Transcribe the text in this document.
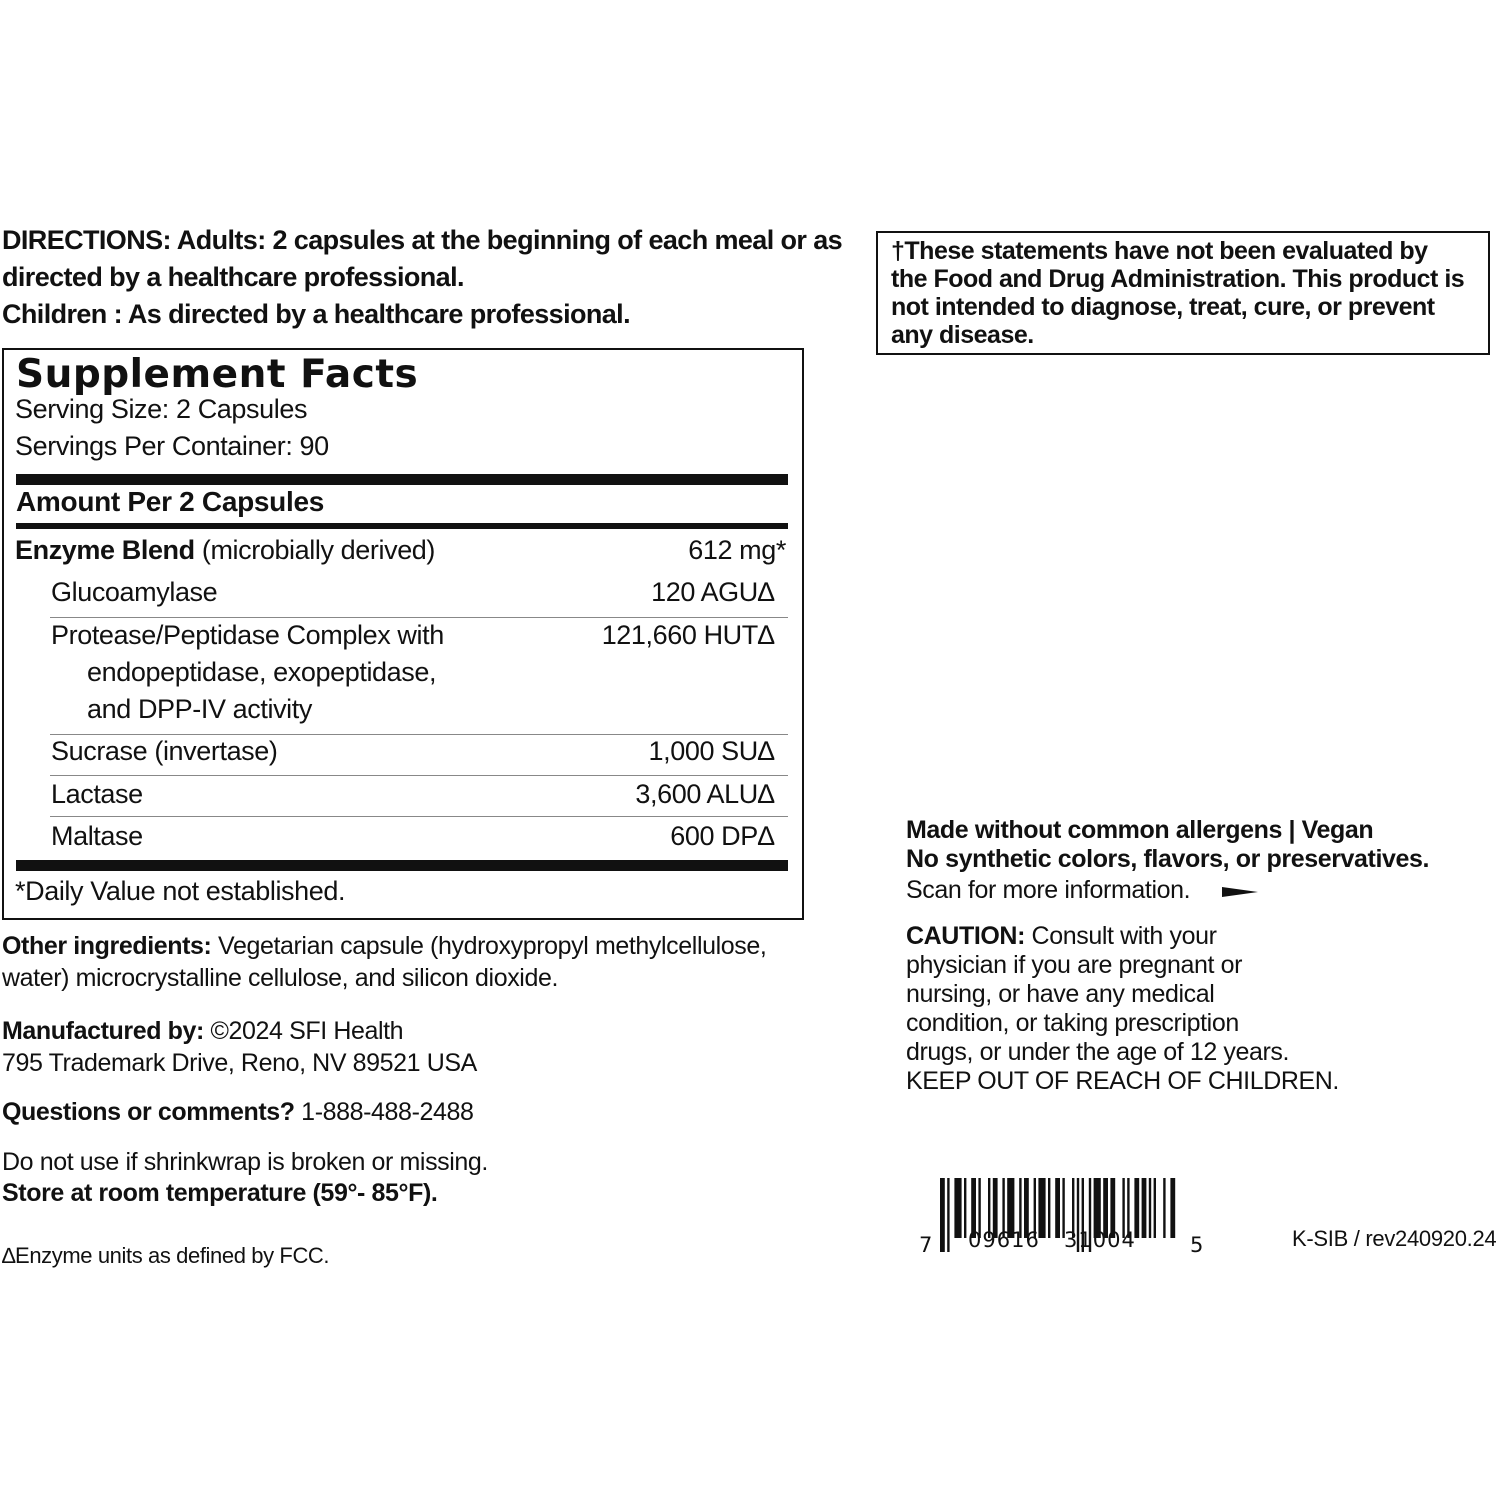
DIRECTIONS: Adults: 2 capsules at the beginning of each meal or as
directed by a healthcare professional.
Children : As directed by a healthcare professional.
Supplement Facts
Serving Size: 2 Capsules
Servings Per Container: 90
Amount Per 2 Capsules
Enzyme Blend (microbially derived)	612 mg*
Glucoamylase	120 AGU∆
Protease/Peptidase Complex with
endopeptidase, exopeptidase,
and DPP-IV activity
121,660 HUT∆
Sucrase (invertase)	1,000 SU∆
Lactase	3,600 ALU∆
Maltase	600 DP∆
*Daily Value not established.
Other ingredients: Vegetarian capsule (hydroxypropyl methylcellulose,
water) microcrystalline cellulose, and silicon dioxide.
Manufactured by: ©2024 SFI Health
795 Trademark Drive, Reno, NV 89521 USA
Questions or comments? 1-888-488-2488
Do not use if shrinkwrap is broken or missing.
Store at room temperature (59°- 85°F).
∆Enzyme units as defined by FCC.
†These statements have not been evaluated by
the Food and Drug Administration. This product is
not intended to diagnose, treat, cure, or prevent
any disease.
Made without common allergens | Vegan
No synthetic colors, flavors, or preservatives.
Scan for more information.
CAUTION: Consult with your
physician if you are pregnant or
nursing, or have any medical
condition, or taking prescription
drugs, or under the age of 12 years.
KEEP OUT OF REACH OF CHILDREN.
7 09616 31004	5	K-SIB / rev240920.24
